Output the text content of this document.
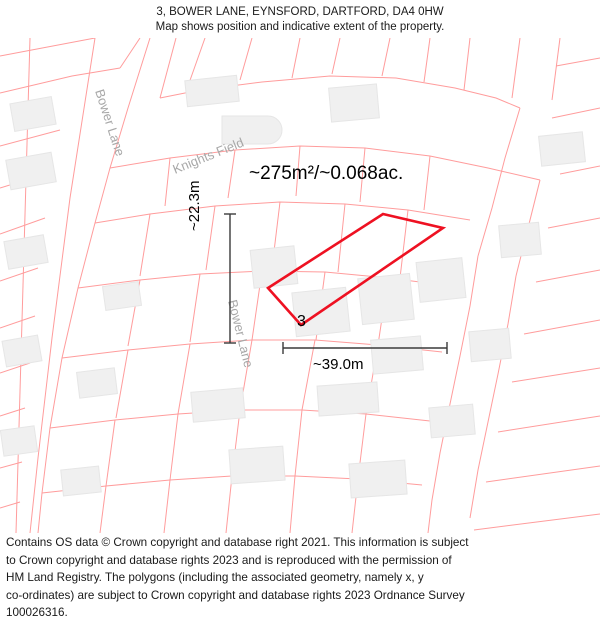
3, BOWER LANE, EYNSFORD, DARTFORD, DA4 0HW
Map shows position and indicative extent of the property.
Bower Lane	Knights Field
Bower Lane
~275m²/~0.068ac.
3
~39.0m
~22.3m

Contains OS data © Crown copyright and database right 2021. This information is subject

to Crown copyright and database rights 2023 and is reproduced with the permission of

HM Land Registry. The polygons (including the associated geometry, namely x, y

co-ordinates) are subject to Crown copyright and database rights 2023 Ordnance Survey

100026316.
